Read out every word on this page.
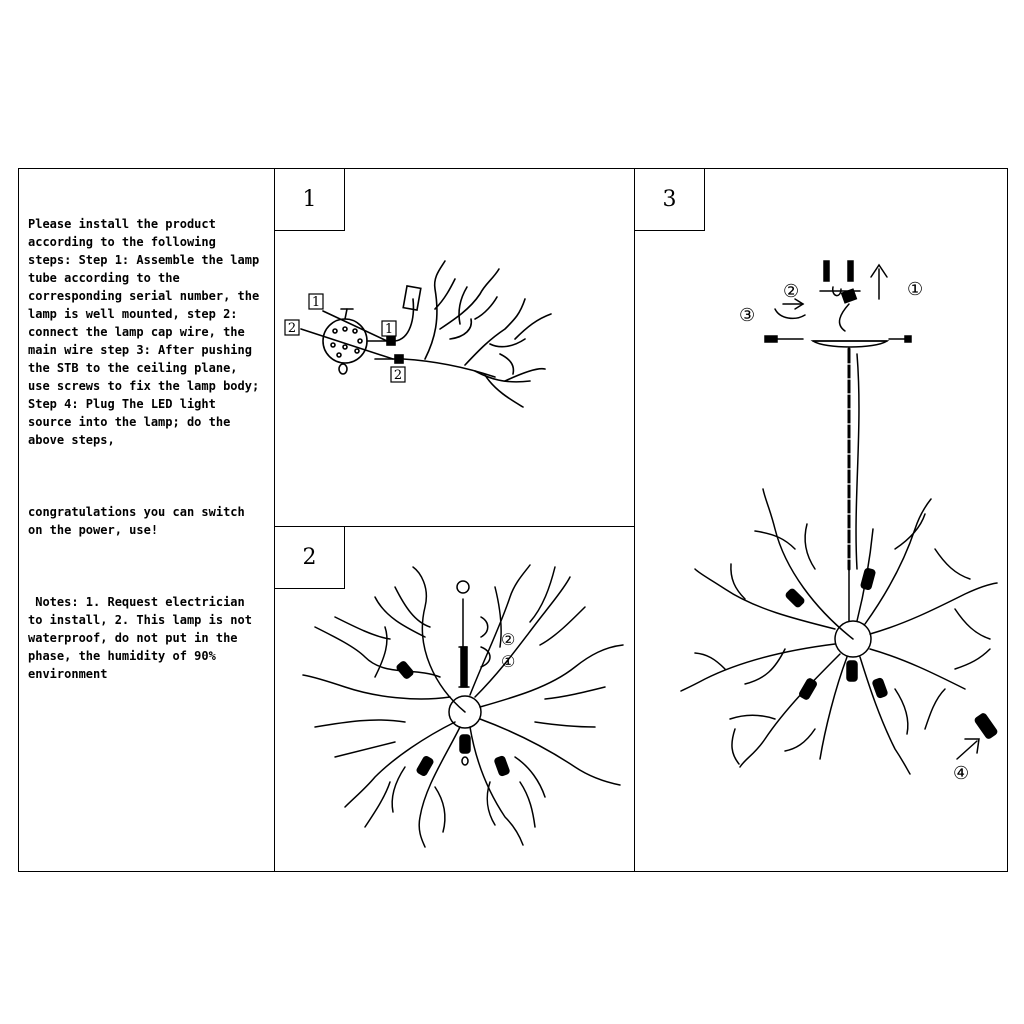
Please install the product according to the following steps: Step 1: Assemble the lamp tube according to the corresponding serial number, the lamp is well mounted, step 2: connect the lamp cap wire, the main wire step 3: After pushing the STB to the ceiling plane, use screws to fix the lamp body; Step 4: Plug The LED light source into the lamp; do the above steps,

congratulations you can switch on the power, use!

Notes: 1. Request electrician to install, 2. This lamp is not waterproof, do not put in the phase, the humidity of 90% environment

1
1
2	1
2
2
②
①
3
①
②
③
④
